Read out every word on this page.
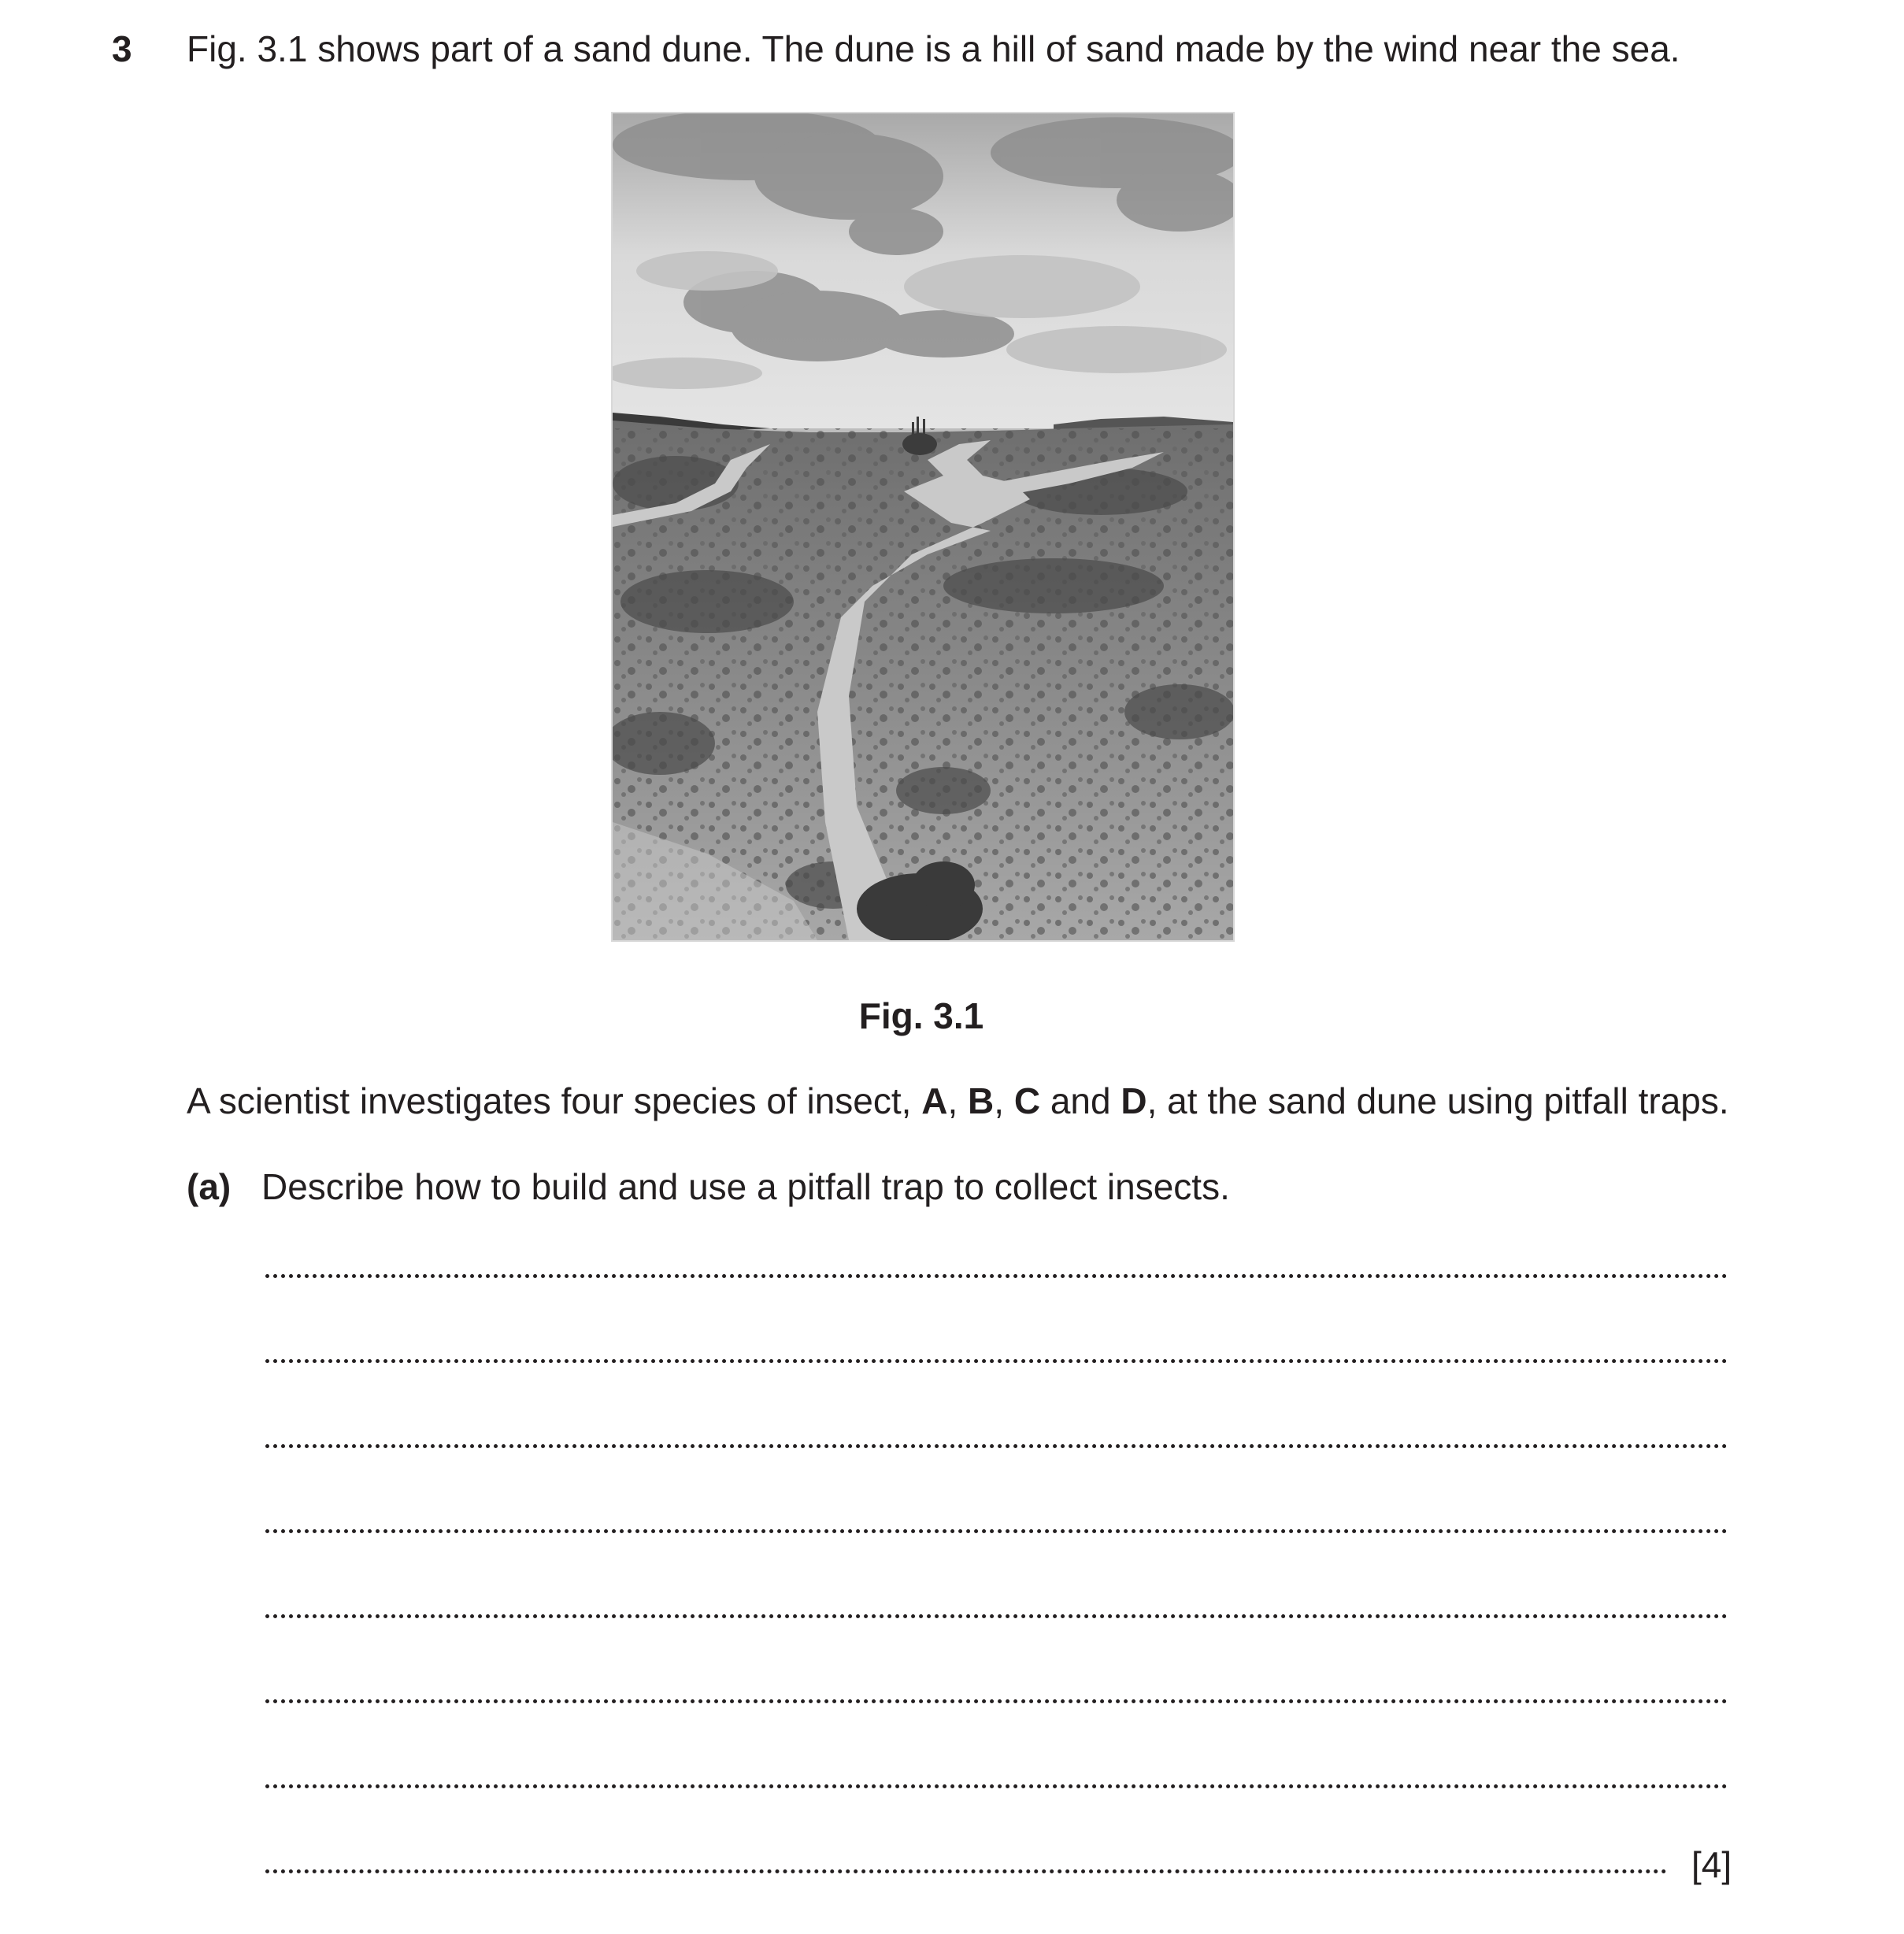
3 Fig. 3.1 shows part of a sand dune. The dune is a hill of sand made by the wind near the sea.
Fig. 3.1
A scientist investigates four species of insect, A, B, C and D, at the sand dune using pitfall traps.
(a) Describe how to build and use a pitfall trap to collect insects.
[4]
